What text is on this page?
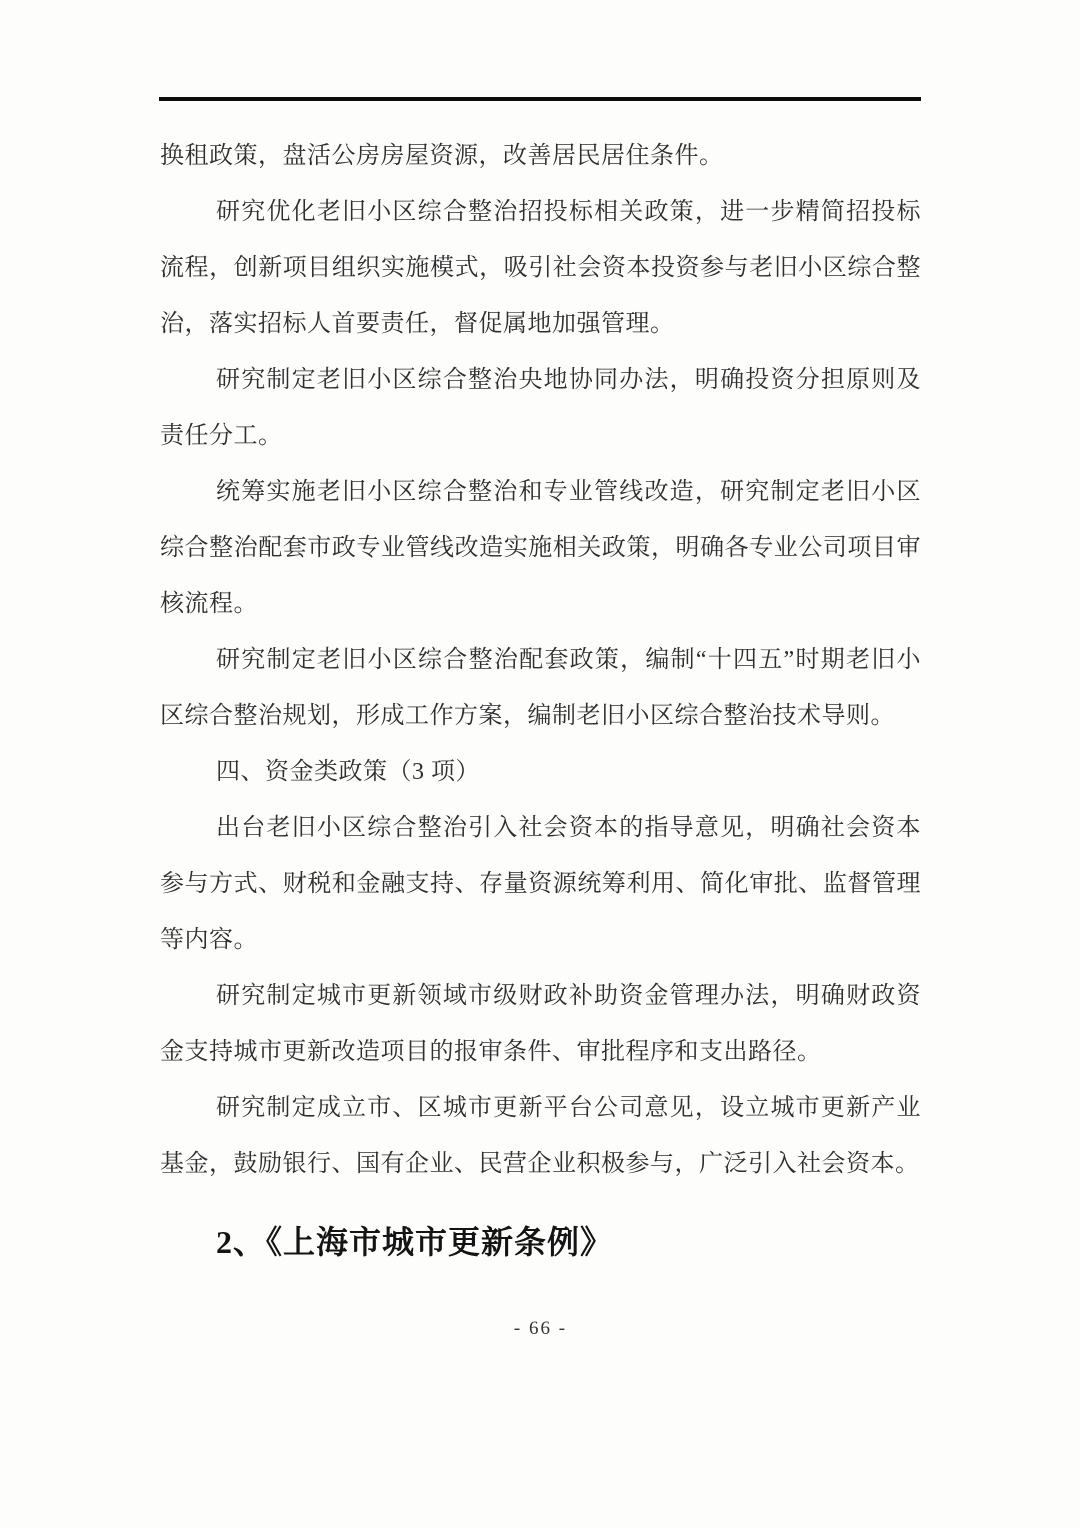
换租政策，盘活公房房屋资源，改善居民居住条件。

研究优化老旧小区综合整治招投标相关政策，进一步精简招投标流程，创新项目组织实施模式，吸引社会资本投资参与老旧小区综合整治，落实招标人首要责任，督促属地加强管理。

研究制定老旧小区综合整治央地协同办法，明确投资分担原则及责任分工。

统筹实施老旧小区综合整治和专业管线改造，研究制定老旧小区综合整治配套市政专业管线改造实施相关政策，明确各专业公司项目审核流程。

研究制定老旧小区综合整治配套政策，编制“十四五”时期老旧小区综合整治规划，形成工作方案，编制老旧小区综合整治技术导则。

四、资金类政策（3 项）

出台老旧小区综合整治引入社会资本的指导意见，明确社会资本参与方式、财税和金融支持、存量资源统筹利用、简化审批、监督管理等内容。

研究制定城市更新领域市级财政补助资金管理办法，明确财政资金支持城市更新改造项目的报审条件、审批程序和支出路径。

研究制定成立市、区城市更新平台公司意见，设立城市更新产业基金，鼓励银行、国有企业、民营企业积极参与，广泛引入社会资本。

2、《上海市城市更新条例》

- 66 -
